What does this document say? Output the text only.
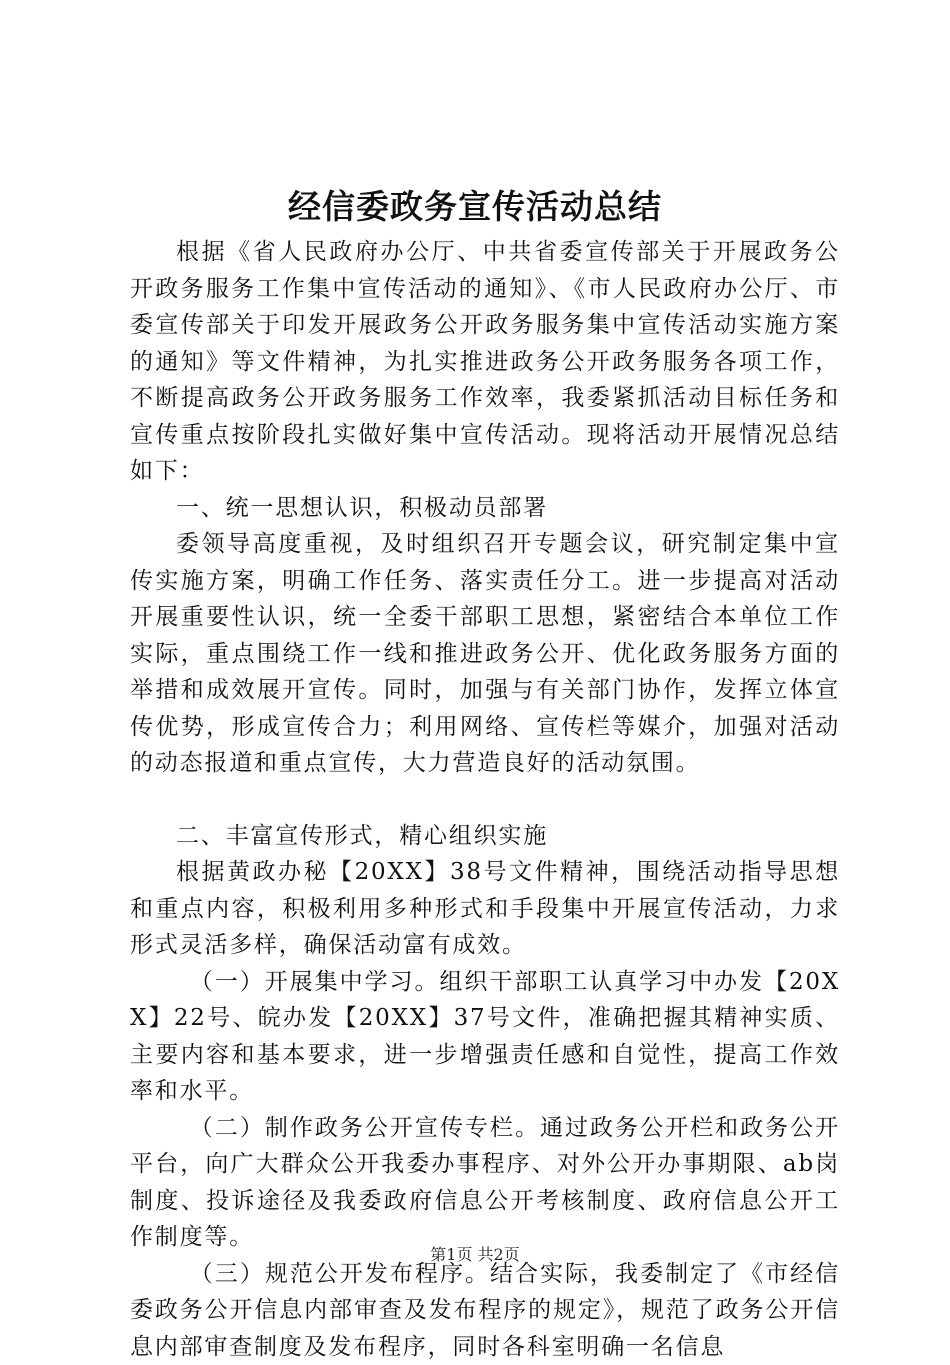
经信委政务宣传活动总结

根据《省人民政府办公厅、中共省委宣传部关于开展政务公开政务服务工作集中宣传活动的通知》、《市人民政府办公厅、市委宣传部关于印发开展政务公开政务服务集中宣传活动实施方案的通知》等文件精神，为扎实推进政务公开政务服务各项工作，不断提高政务公开政务服务工作效率，我委紧抓活动目标任务和宣传重点按阶段扎实做好集中宣传活动。现将活动开展情况总结如下：

一、统一思想认识，积极动员部署

委领导高度重视，及时组织召开专题会议，研究制定集中宣传实施方案，明确工作任务、落实责任分工。进一步提高对活动开展重要性认识，统一全委干部职工思想，紧密结合本单位工作实际，重点围绕工作一线和推进政务公开、优化政务服务方面的举措和成效展开宣传。同时，加强与有关部门协作，发挥立体宣传优势，形成宣传合力；利用网络、宣传栏等媒介，加强对活动的动态报道和重点宣传，大力营造良好的活动氛围。

二、丰富宣传形式，精心组织实施

根据黄政办秘【20XX】38号文件精神，围绕活动指导思想和重点内容，积极利用多种形式和手段集中开展宣传活动，力求形式灵活多样，确保活动富有成效。

（一）开展集中学习。组织干部职工认真学习中办发【20XX】22号、皖办发【20XX】37号文件，准确把握其精神实质、主要内容和基本要求，进一步增强责任感和自觉性，提高工作效率和水平。

（二）制作政务公开宣传专栏。通过政务公开栏和政务公开平台，向广大群众公开我委办事程序、对外公开办事期限、ab岗制度、投诉途径及我委政府信息公开考核制度、政府信息公开工作制度等。

（三）规范公开发布程序。结合实际，我委制定了《市经信委政务公开信息内部审查及发布程序的规定》，规范了政务公开信息内部审查制度及发布程序，同时各科室明确一名信息

第1页 共2页
